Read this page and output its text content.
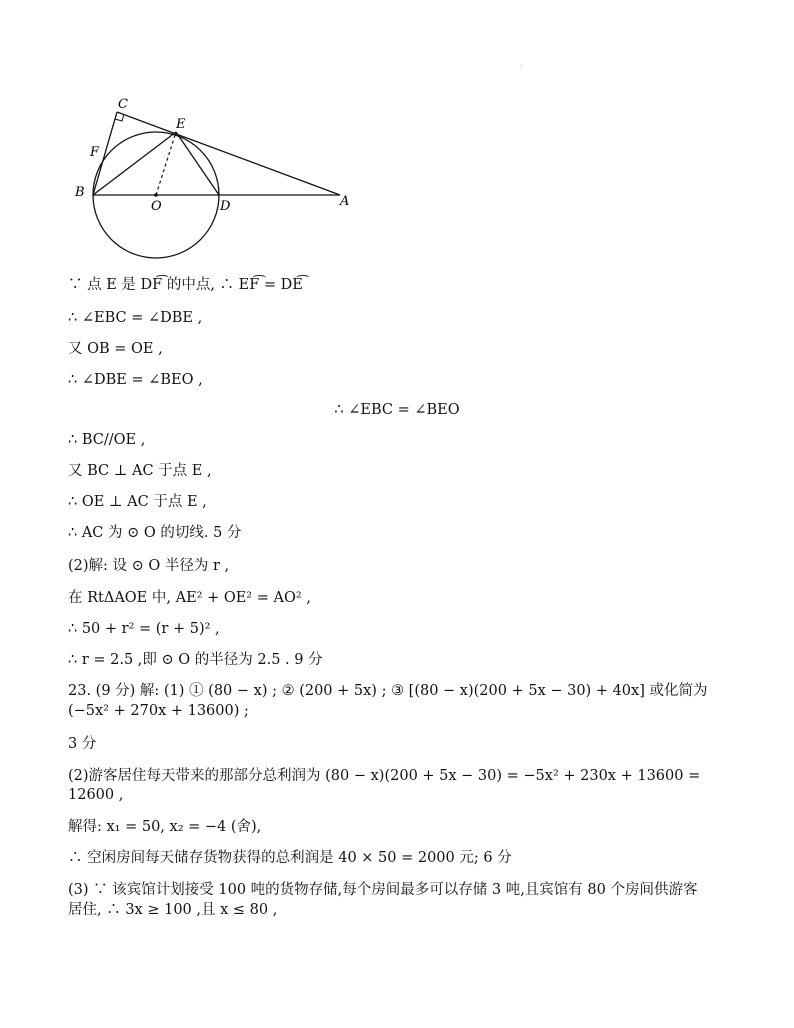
·
C
E
F
B
O	D	A
∵ 点 E 是 DF͡ 的中点, ∴ EF͡ = DE͡
∴ ∠EBC = ∠DBE ,
又 OB = OE ,
∴ ∠DBE = ∠BEO ,
∴ ∠EBC = ∠BEO
∴ BC//OE ,
又 BC ⊥ AC 于点 E ,
∴ OE ⊥ AC 于点 E ,
∴ AC 为 ⊙ O 的切线. 5 分
(2)解: 设 ⊙ O 半径为 r ,
在 RtΔAOE 中, AE² + OE² = AO² ,
∴ 50 + r² = (r + 5)² ,
∴ r = 2.5 ,即 ⊙ O 的半径为 2.5 . 9 分
23. (9 分) 解: (1) ① (80 − x) ; ② (200 + 5x) ; ③ [(80 − x)(200 + 5x − 30) + 40x] 或化简为
(−5x² + 270x + 13600) ;
3 分
(2)游客居住每天带来的那部分总利润为 (80 − x)(200 + 5x − 30) = −5x² + 230x + 13600 =
12600 ,
解得: x₁ = 50, x₂ = −4 (舍),
∴ 空闲房间每天储存货物获得的总利润是 40 × 50 = 2000 元; 6 分
(3) ∵ 该宾馆计划接受 100 吨的货物存储,每个房间最多可以存储 3 吨,且宾馆有 80 个房间供游客
居住, ∴ 3x ≥ 100 ,且 x ≤ 80 ,
